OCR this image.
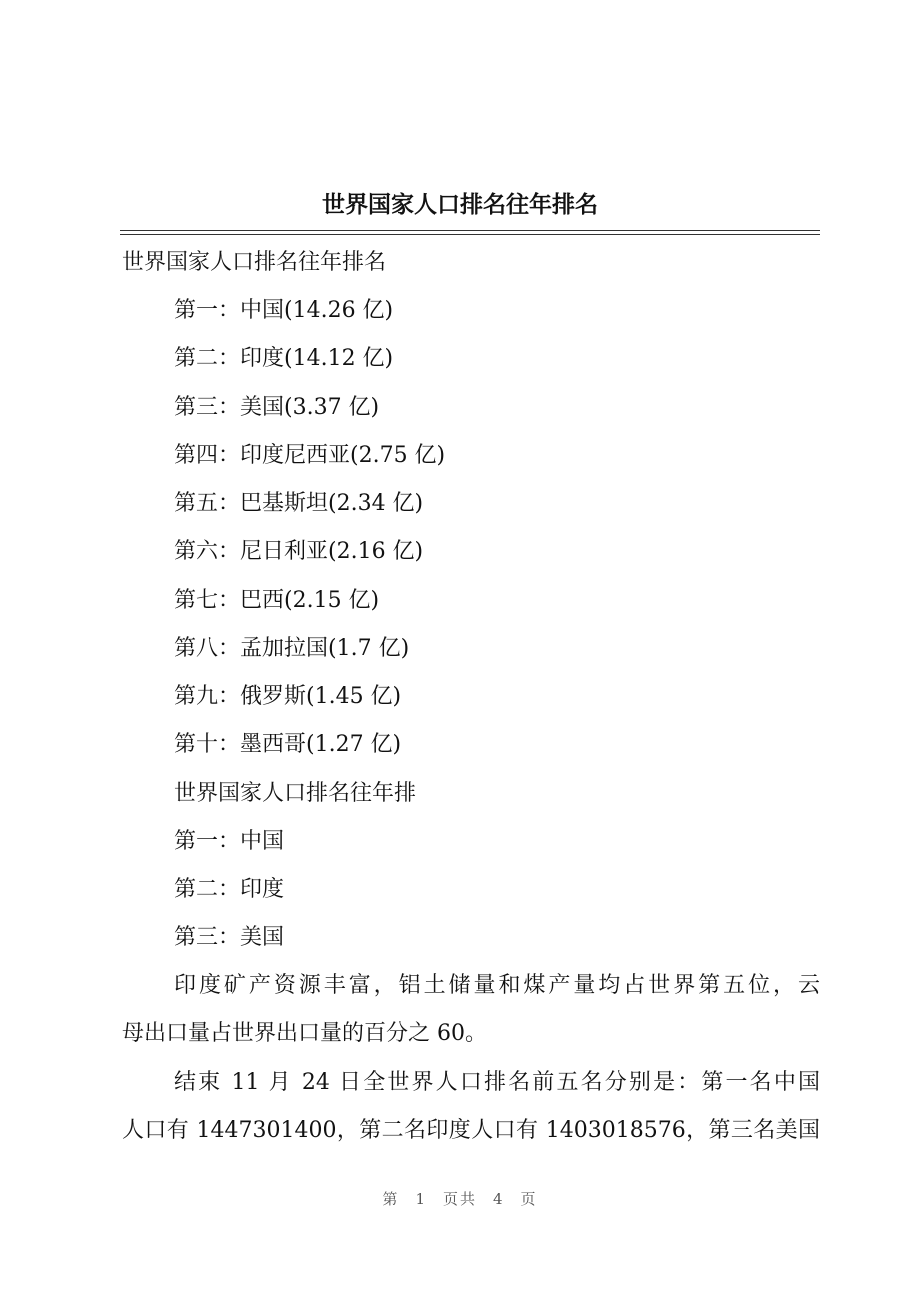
世界国家人口排名往年排名
世界国家人口排名往年排名
第一：中国(14.26 亿)
第二：印度(14.12 亿)
第三：美国(3.37 亿)
第四：印度尼西亚(2.75 亿)
第五：巴基斯坦(2.34 亿)
第六：尼日利亚(2.16 亿)
第七：巴西(2.15 亿)
第八：孟加拉国(1.7 亿)
第九：俄罗斯(1.45 亿)
第十：墨西哥(1.27 亿)
世界国家人口排名往年排
第一：中国
第二：印度
第三：美国
印度矿产资源丰富，铝土储量和煤产量均占世界第五位，云
母出口量占世界出口量的百分之 60。
结束 11 月 24 日全世界人口排名前五名分别是：第一名中国
人口有 1447301400，第二名印度人口有 1403018576，第三名美国
第 1 页共 4 页
